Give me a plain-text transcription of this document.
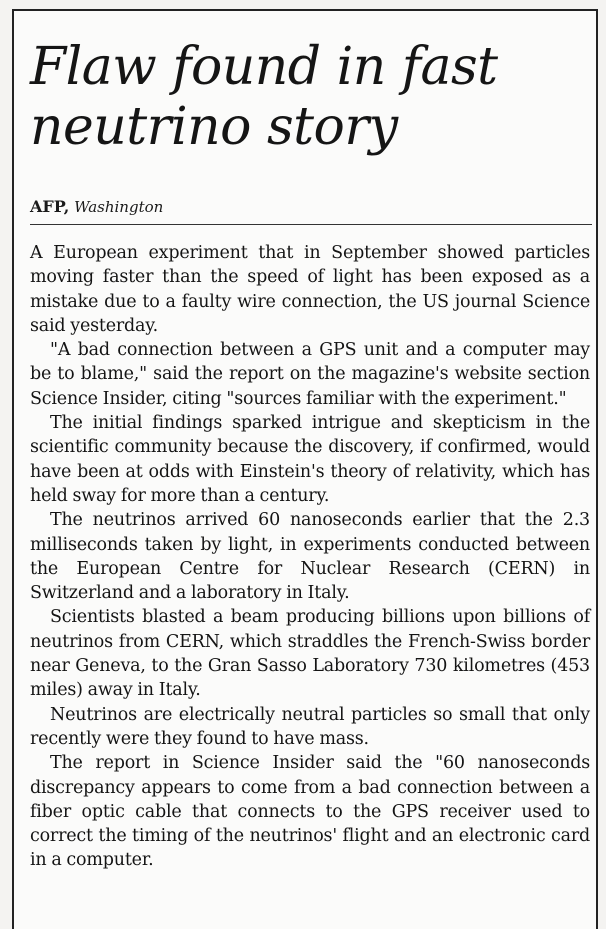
Flaw found in fast neutrino story
AFP, Washington

A European experiment that in September showed particles moving faster than the speed of light has been exposed as a mistake due to a faulty wire connection, the US journal Science said yesterday.

"A bad connection between a GPS unit and a computer may be to blame," said the report on the magazine's website section Science Insider, citing "sources familiar with the experiment."

The initial findings sparked intrigue and skepticism in the scientific community because the discovery, if confirmed, would have been at odds with Einstein's theory of relativity, which has held sway for more than a century.

The neutrinos arrived 60 nanoseconds earlier that the 2.3 milliseconds taken by light, in experiments conducted between the European Centre for Nuclear Research (CERN) in Switzerland and a laboratory in Italy.

Scientists blasted a beam producing billions upon billions of neutrinos from CERN, which straddles the French-Swiss border near Geneva, to the Gran Sasso Laboratory 730 kilometres (453 miles) away in Italy.

Neutrinos are electrically neutral particles so small that only recently were they found to have mass.

The report in Science Insider said the "60 nanoseconds discrepancy appears to come from a bad connection between a fiber optic cable that connects to the GPS receiver used to correct the timing of the neutrinos' flight and an electronic card in a computer.
